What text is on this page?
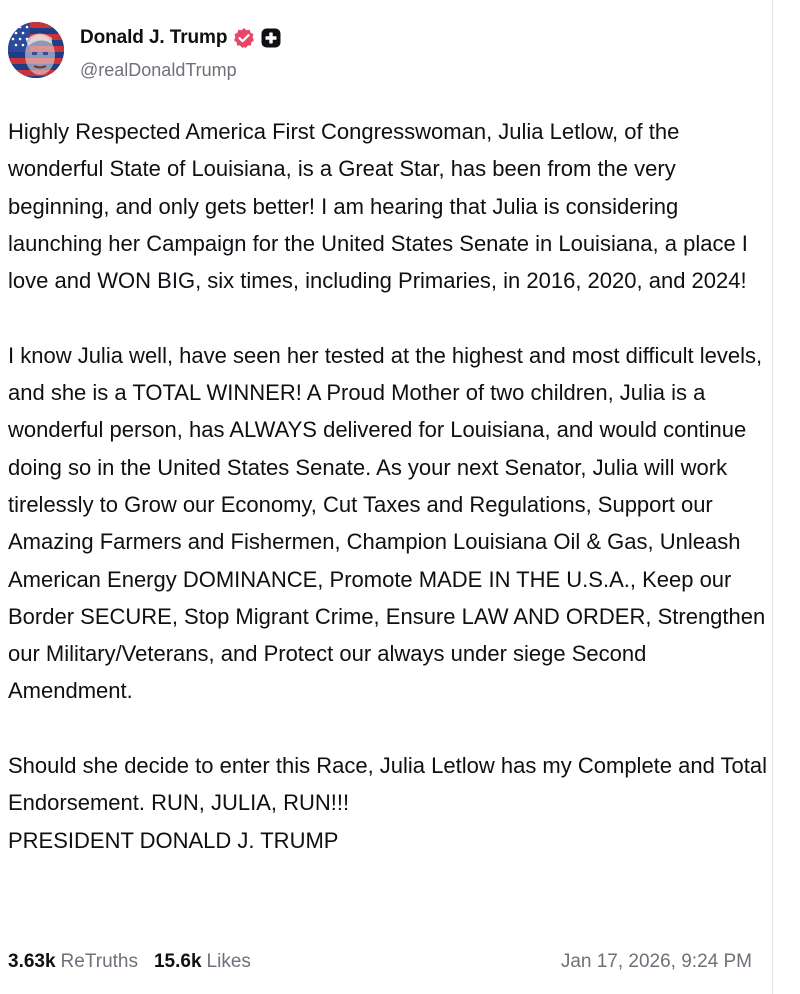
Donald J. Trump
@realDonaldTrump

Highly Respected America First Congresswoman, Julia Letlow, of the wonderful State of Louisiana, is a Great Star, has been from the very beginning, and only gets better! I am hearing that Julia is considering launching her Campaign for the United States Senate in Louisiana, a place I love and WON BIG, six times, including Primaries, in 2016, 2020, and 2024!

I know Julia well, have seen her tested at the highest and most difficult levels, and she is a TOTAL WINNER! A Proud Mother of two children, Julia is a wonderful person, has ALWAYS delivered for Louisiana, and would continue doing so in the United States Senate. As your next Senator, Julia will work tirelessly to Grow our Economy, Cut Taxes and Regulations, Support our Amazing Farmers and Fishermen, Champion Louisiana Oil & Gas, Unleash American Energy DOMINANCE, Promote MADE IN THE U.S.A., Keep our Border SECURE, Stop Migrant Crime, Ensure LAW AND ORDER, Strengthen our Military/Veterans, and Protect our always under siege Second Amendment.

Should she decide to enter this Race, Julia Letlow has my Complete and Total Endorsement. RUN, JULIA, RUN!!!
PRESIDENT DONALD J. TRUMP

3.63k ReTruths 15.6k Likes	Jan 17, 2026, 9:24 PM
